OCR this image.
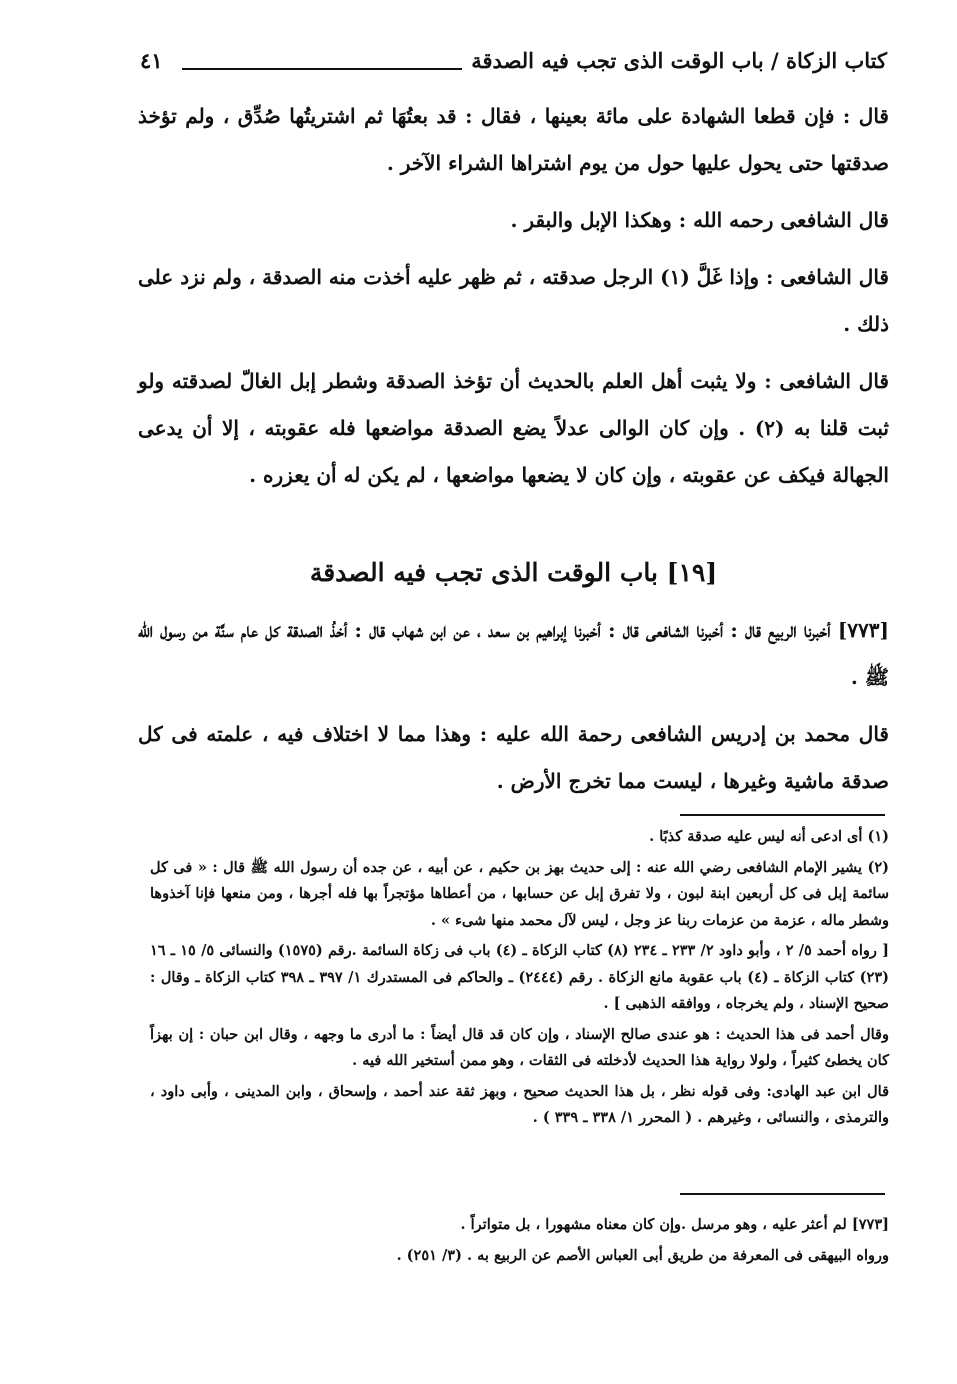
كتاب الزكاة / باب الوقت الذى تجب فيه الصدقة
٤١

قال : فإن قطعا الشهادة على مائة بعينها ، فقال : قد بعتُهَا ثم اشتريتُها صُدِّق ، ولم تؤخذ صدقتها حتى يحول عليها حول من يوم اشتراها الشراء الآخر .

قال الشافعى رحمه الله : وهكذا الإبل والبقر .

قال الشافعى : وإذا غَلَّ (١) الرجل صدقته ، ثم ظهر عليه أخذت منه الصدقة ، ولم نزد على ذلك .

قال الشافعى : ولا يثبت أهل العلم بالحديث أن تؤخذ الصدقة وشطر إبل الغالّ لصدقته ولو ثبت قلنا به (٢) . وإن كان الوالى عدلاً يضع الصدقة مواضعها فله عقوبته ، إلا أن يدعى الجهالة فيكف عن عقوبته ، وإن كان لا يضعها مواضعها ، لم يكن له أن يعزره .

[١٩] باب الوقت الذى تجب فيه الصدقة

[٧٧٣] أخبرنا الربيع قال : أخبرنا الشافعى قال : أخبرنا إبراهيم بن سعد ، عن ابن شهاب قال : أخذُ الصدقة كل عام سنَّة من رسول الله ﷺ .

قال محمد بن إدريس الشافعى رحمة الله عليه : وهذا مما لا اختلاف فيه ، علمته فى كل صدقة ماشية وغيرها ، ليست مما تخرج الأرض .

(١) أى ادعى أنه ليس عليه صدقة كذبًا .

(٢) يشير الإمام الشافعى رضي الله عنه : إلى حديث بهز بن حكيم ، عن أبيه ، عن جده أن رسول الله ﷺ قال : « فى كل سائمة إبل فى كل أربعين ابنة لبون ، ولا تفرق إبل عن حسابها ، من أعطاها مؤتجراً بها فله أجرها ، ومن منعها فإنا آخذوها وشطر ماله ، عزمة من عزمات ربنا عز وجل ، ليس لآل محمد منها شىء » .

[ رواه أحمد ٥/ ٢ ، وأبو داود ٢/ ٢٣٣ ـ ٢٣٤ (٨) كتاب الزكاة ـ (٤) باب فى زكاة السائمة .رقم (١٥٧٥) والنسائى ٥/ ١٥ ـ ١٦ (٢٣) كتاب الزكاة ـ (٤) باب عقوبة مانع الزكاة . رقم (٢٤٤٤) ـ والحاكم فى المستدرك ١/ ٣٩٧ ـ ٣٩٨ كتاب الزكاة ـ وقال : صحيح الإسناد ، ولم يخرجاه ، ووافقه الذهبى ] .

وقال أحمد فى هذا الحديث : هو عندى صالح الإسناد ، وإن كان قد قال أيضاً : ما أدرى ما وجهه ، وقال ابن حبان : إن بهزاً كان يخطئ كثيراً ، ولولا رواية هذا الحديث لأدخلته فى الثقات ، وهو ممن أستخير الله فيه .

قال ابن عبد الهادى: وفى قوله نظر ، بل هذا الحديث صحيح ، وبهز ثقة عند أحمد ، وإسحاق ، وابن المدينى ، وأبى داود ، والترمذى ، والنسائى ، وغيرهم . ( المحرر ١/ ٣٣٨ ـ ٣٣٩ ) .

[٧٧٣] لم أعثر عليه ، وهو مرسل .وإن كان معناه مشهورا ، بل متواتراً .

ورواه البيهقى فى المعرفة من طريق أبى العباس الأصم عن الربيع به . (٣/ ٢٥١) .
